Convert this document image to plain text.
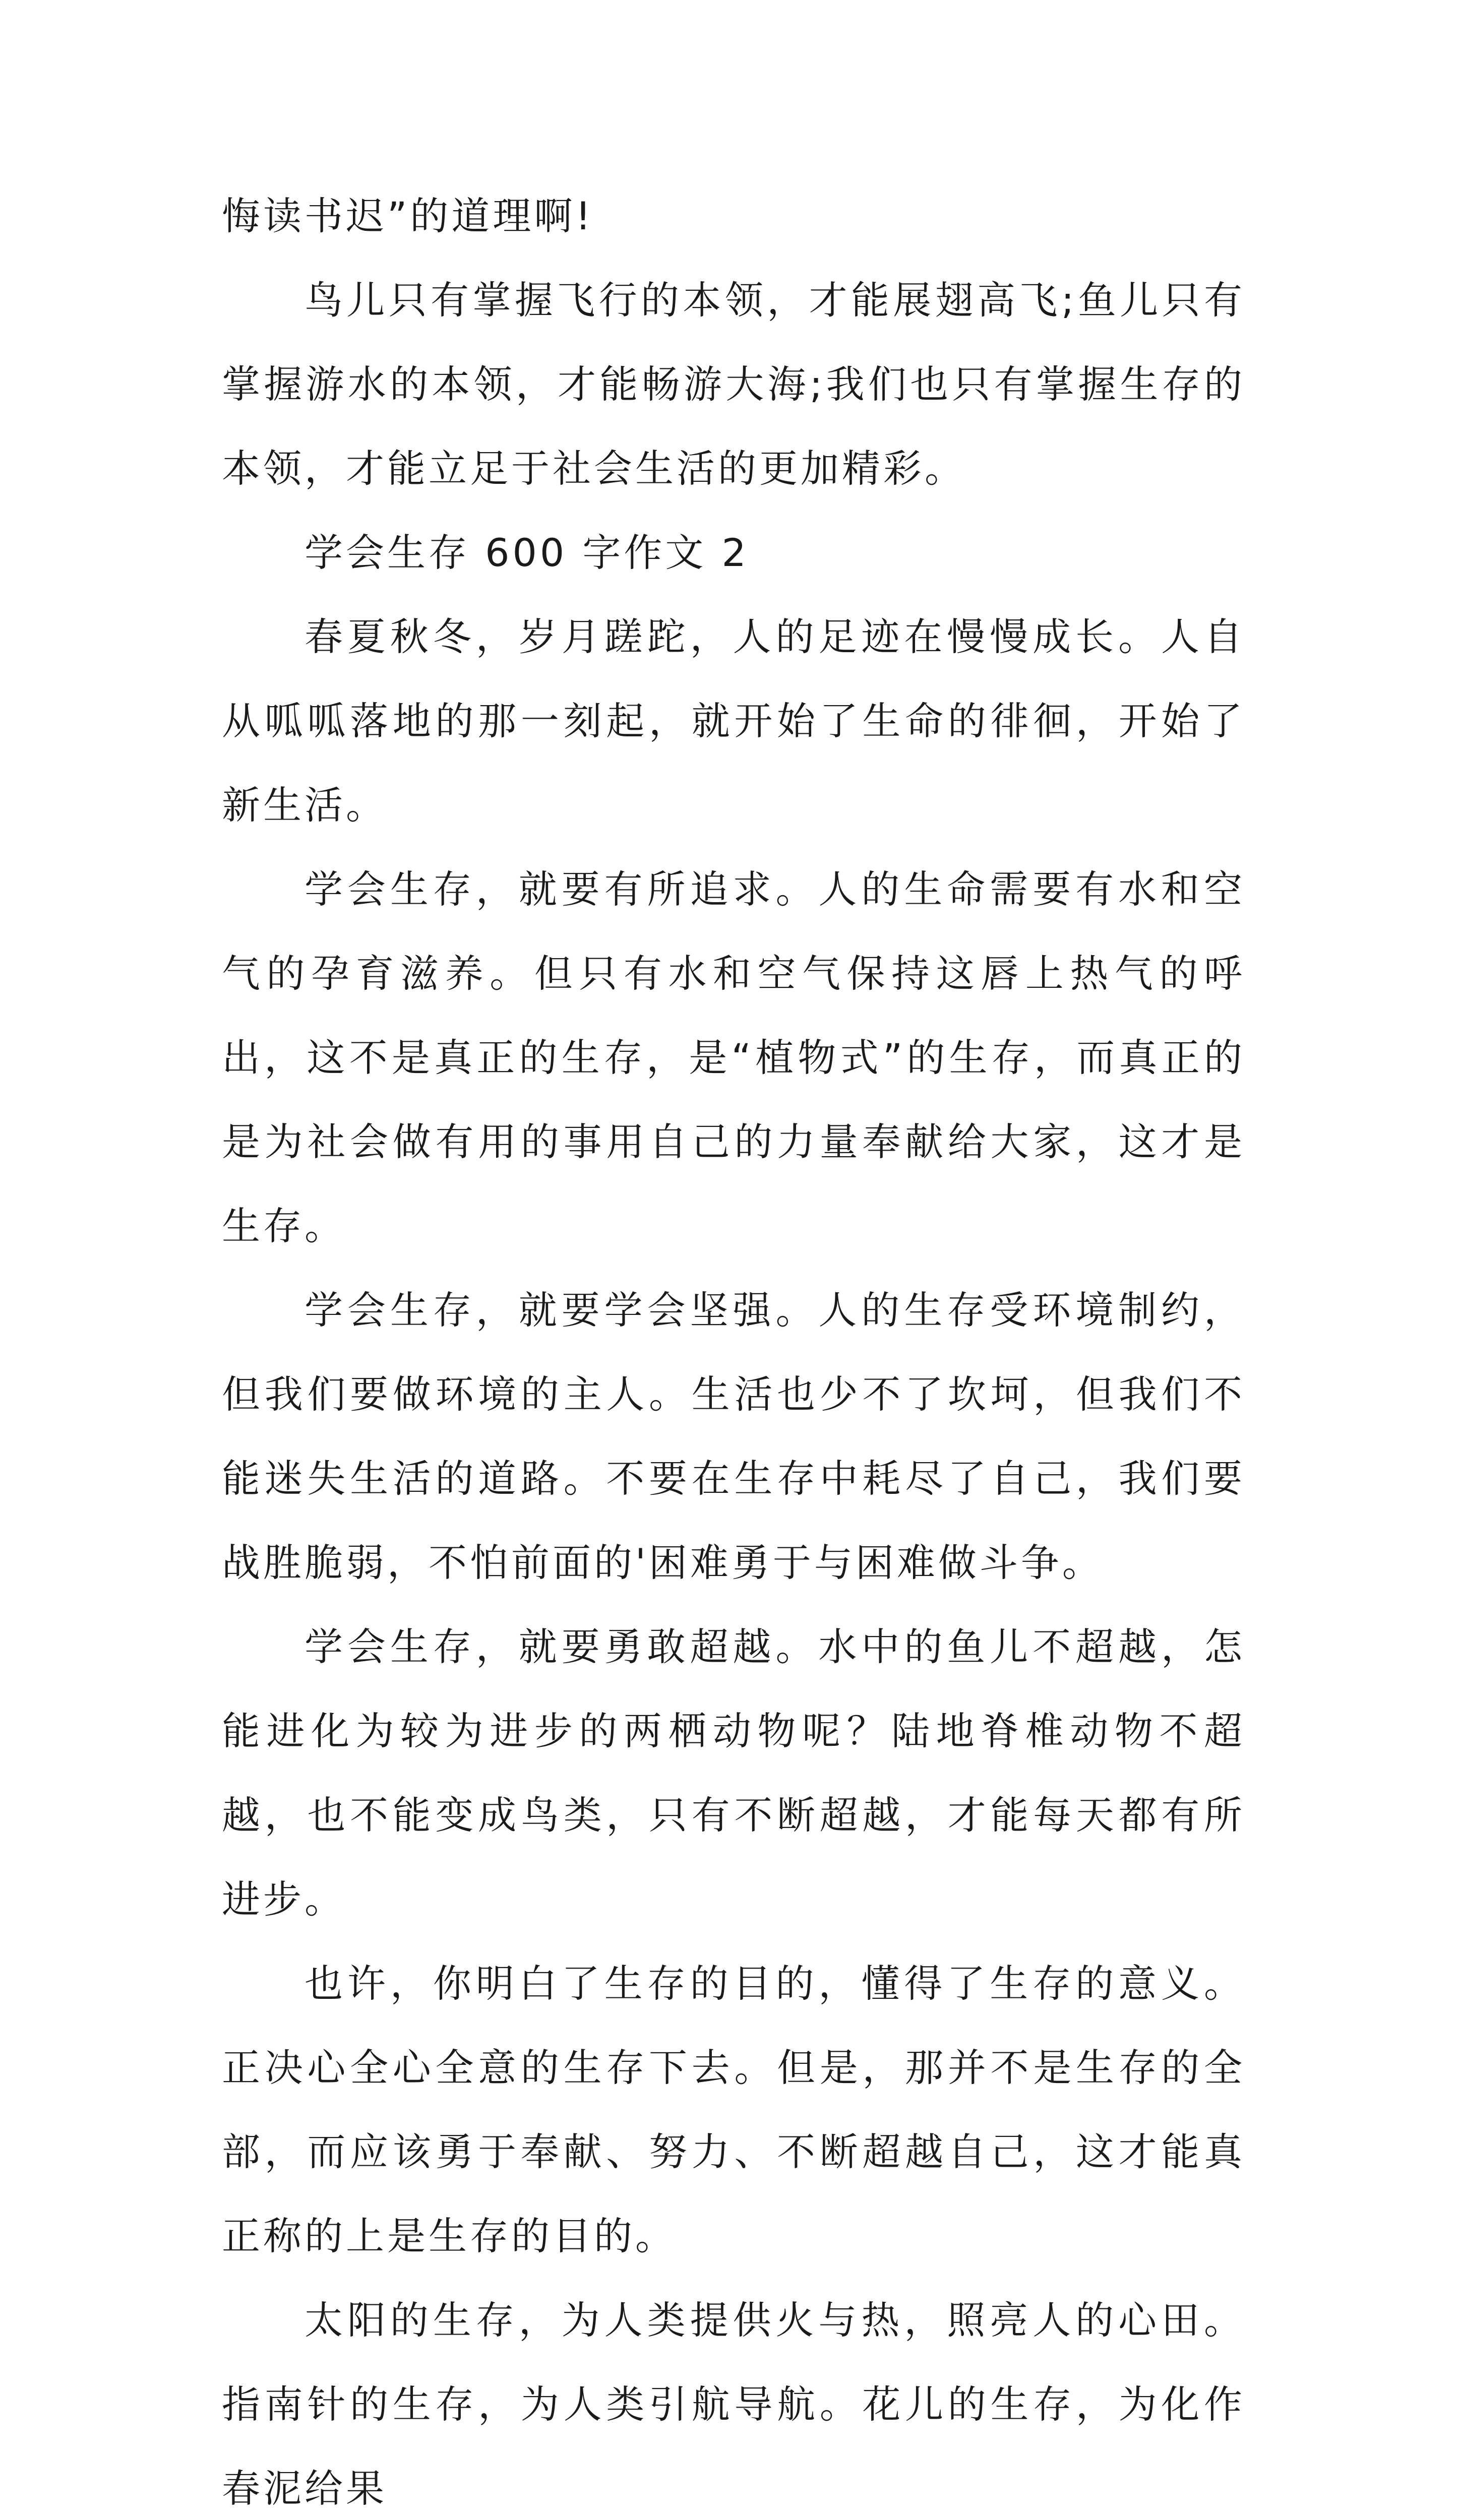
悔读书迟”的道理啊!

鸟儿只有掌握飞行的本领，才能展翅高飞;鱼儿只有掌握游水的本领，才能畅游大海;我们也只有掌握生存的本领，才能立足于社会生活的更加精彩。

学会生存 600 字作文 2

春夏秋冬，岁月蹉跎，人的足迹在慢慢成长。人自从呱呱落地的那一刻起，就开始了生命的徘徊，开始了新生活。

学会生存，就要有所追求。人的生命需要有水和空气的孕育滋养。但只有水和空气保持这唇上热气的呼出，这不是真正的生存，是“植物式”的生存，而真正的是为社会做有用的事用自己的力量奉献给大家，这才是生存。

学会生存，就要学会坚强。人的生存受环境制约，但我们要做环境的主人。生活也少不了坎坷，但我们不能迷失生活的道路。不要在生存中耗尽了自己，我们要战胜脆弱，不怕前面的'困难勇于与困难做斗争。

学会生存，就要勇敢超越。水中的鱼儿不超越，怎能进化为较为进步的两栖动物呢？陆地脊椎动物不超越，也不能变成鸟类，只有不断超越，才能每天都有所进步。

也许，你明白了生存的目的，懂得了生存的意义。正决心全心全意的生存下去。但是，那并不是生存的全部，而应该勇于奉献、努力、不断超越自己，这才能真正称的上是生存的目的。

太阳的生存，为人类提供火与热，照亮人的心田。指南针的生存，为人类引航导航。花儿的生存，为化作春泥给果
